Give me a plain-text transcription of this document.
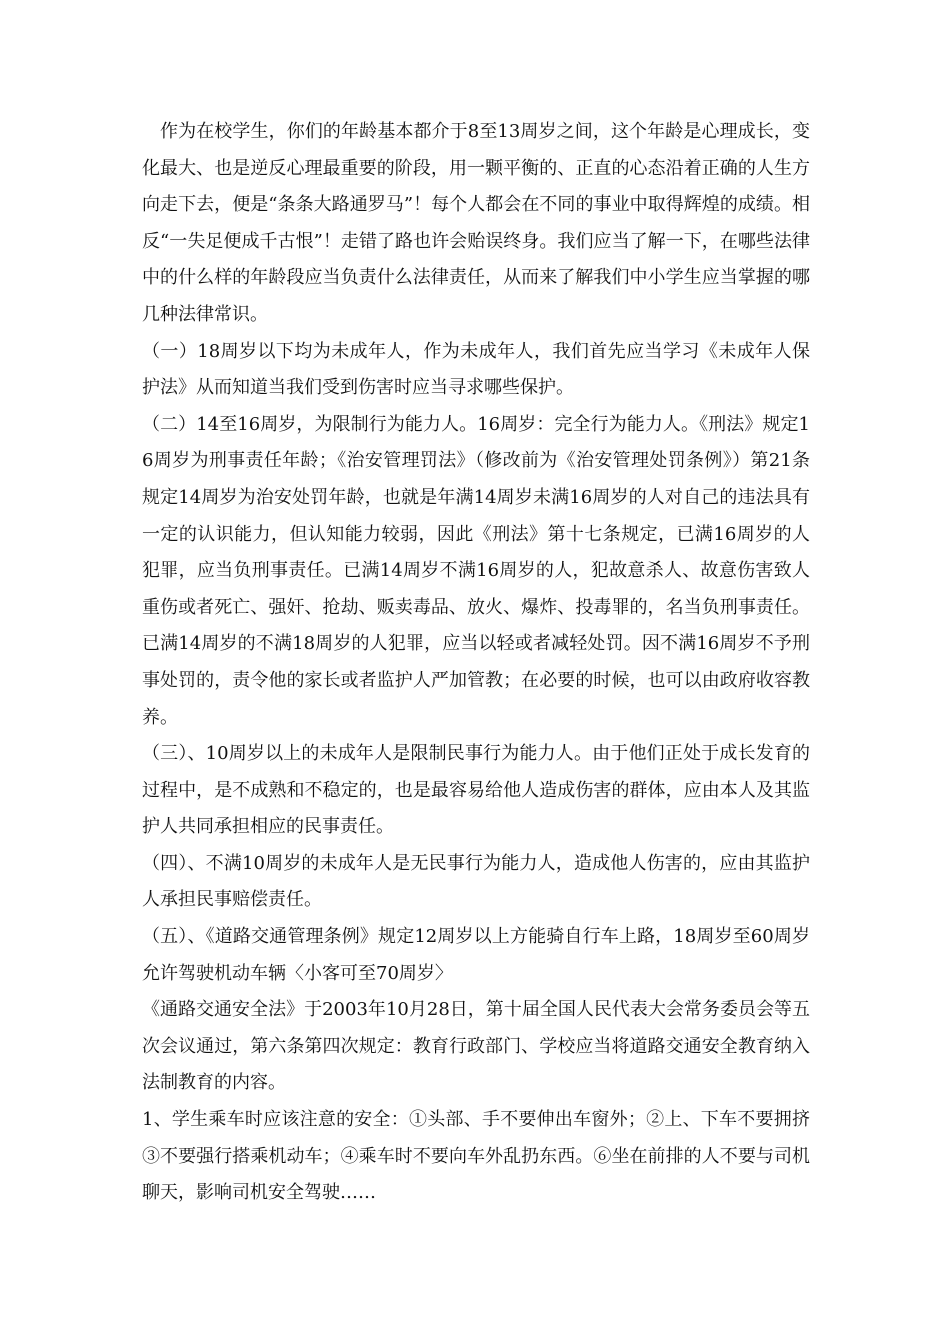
作为在校学生，你们的年龄基本都介于8至13周岁之间，这个年龄是心理成长，变化最大、也是逆反心理最重要的阶段，用一颗平衡的、正直的心态沿着正确的人生方向走下去，便是“条条大路通罗马”！每个人都会在不同的事业中取得辉煌的成绩。相反“一失足便成千古恨”！走错了路也许会贻误终身。我们应当了解一下，在哪些法律中的什么样的年龄段应当负责什么法律责任，从而来了解我们中小学生应当掌握的哪几种法律常识。

（一）18周岁以下均为未成年人，作为未成年人，我们首先应当学习《未成年人保护法》从而知道当我们受到伤害时应当寻求哪些保护。

（二）14至16周岁，为限制行为能力人。16周岁：完全行为能力人。《刑法》规定16周岁为刑事责任年龄；《治安管理罚法》（修改前为《治安管理处罚条例》）第21条规定14周岁为治安处罚年龄，也就是年满14周岁未满16周岁的人对自己的违法具有一定的认识能力，但认知能力较弱，因此《刑法》第十七条规定，已满16周岁的人犯罪，应当负刑事责任。已满14周岁不满16周岁的人，犯故意杀人、故意伤害致人重伤或者死亡、强奸、抢劫、贩卖毒品、放火、爆炸、投毒罪的，名当负刑事责任。已满14周岁的不满18周岁的人犯罪，应当以轻或者减轻处罚。因不满16周岁不予刑事处罚的，责令他的家长或者监护人严加管教；在必要的时候，也可以由政府收容教养。

（三）、10周岁以上的未成年人是限制民事行为能力人。由于他们正处于成长发育的过程中，是不成熟和不稳定的，也是最容易给他人造成伤害的群体，应由本人及其监护人共同承担相应的民事责任。

（四）、不满10周岁的未成年人是无民事行为能力人，造成他人伤害的，应由其监护人承担民事赔偿责任。

（五）、《道路交通管理条例》规定12周岁以上方能骑自行车上路，18周岁至60周岁允许驾驶机动车辆〈小客可至70周岁〉

《通路交通安全法》于2003年10月28日，第十届全国人民代表大会常务委员会等五次会议通过，第六条第四次规定：教育行政部门、学校应当将道路交通安全教育纳入法制教育的内容。

1、学生乘车时应该注意的安全：①头部、手不要伸出车窗外；②上、下车不要拥挤③不要强行搭乘机动车；④乘车时不要向车外乱扔东西。⑥坐在前排的人不要与司机聊天，影响司机安全驾驶……
